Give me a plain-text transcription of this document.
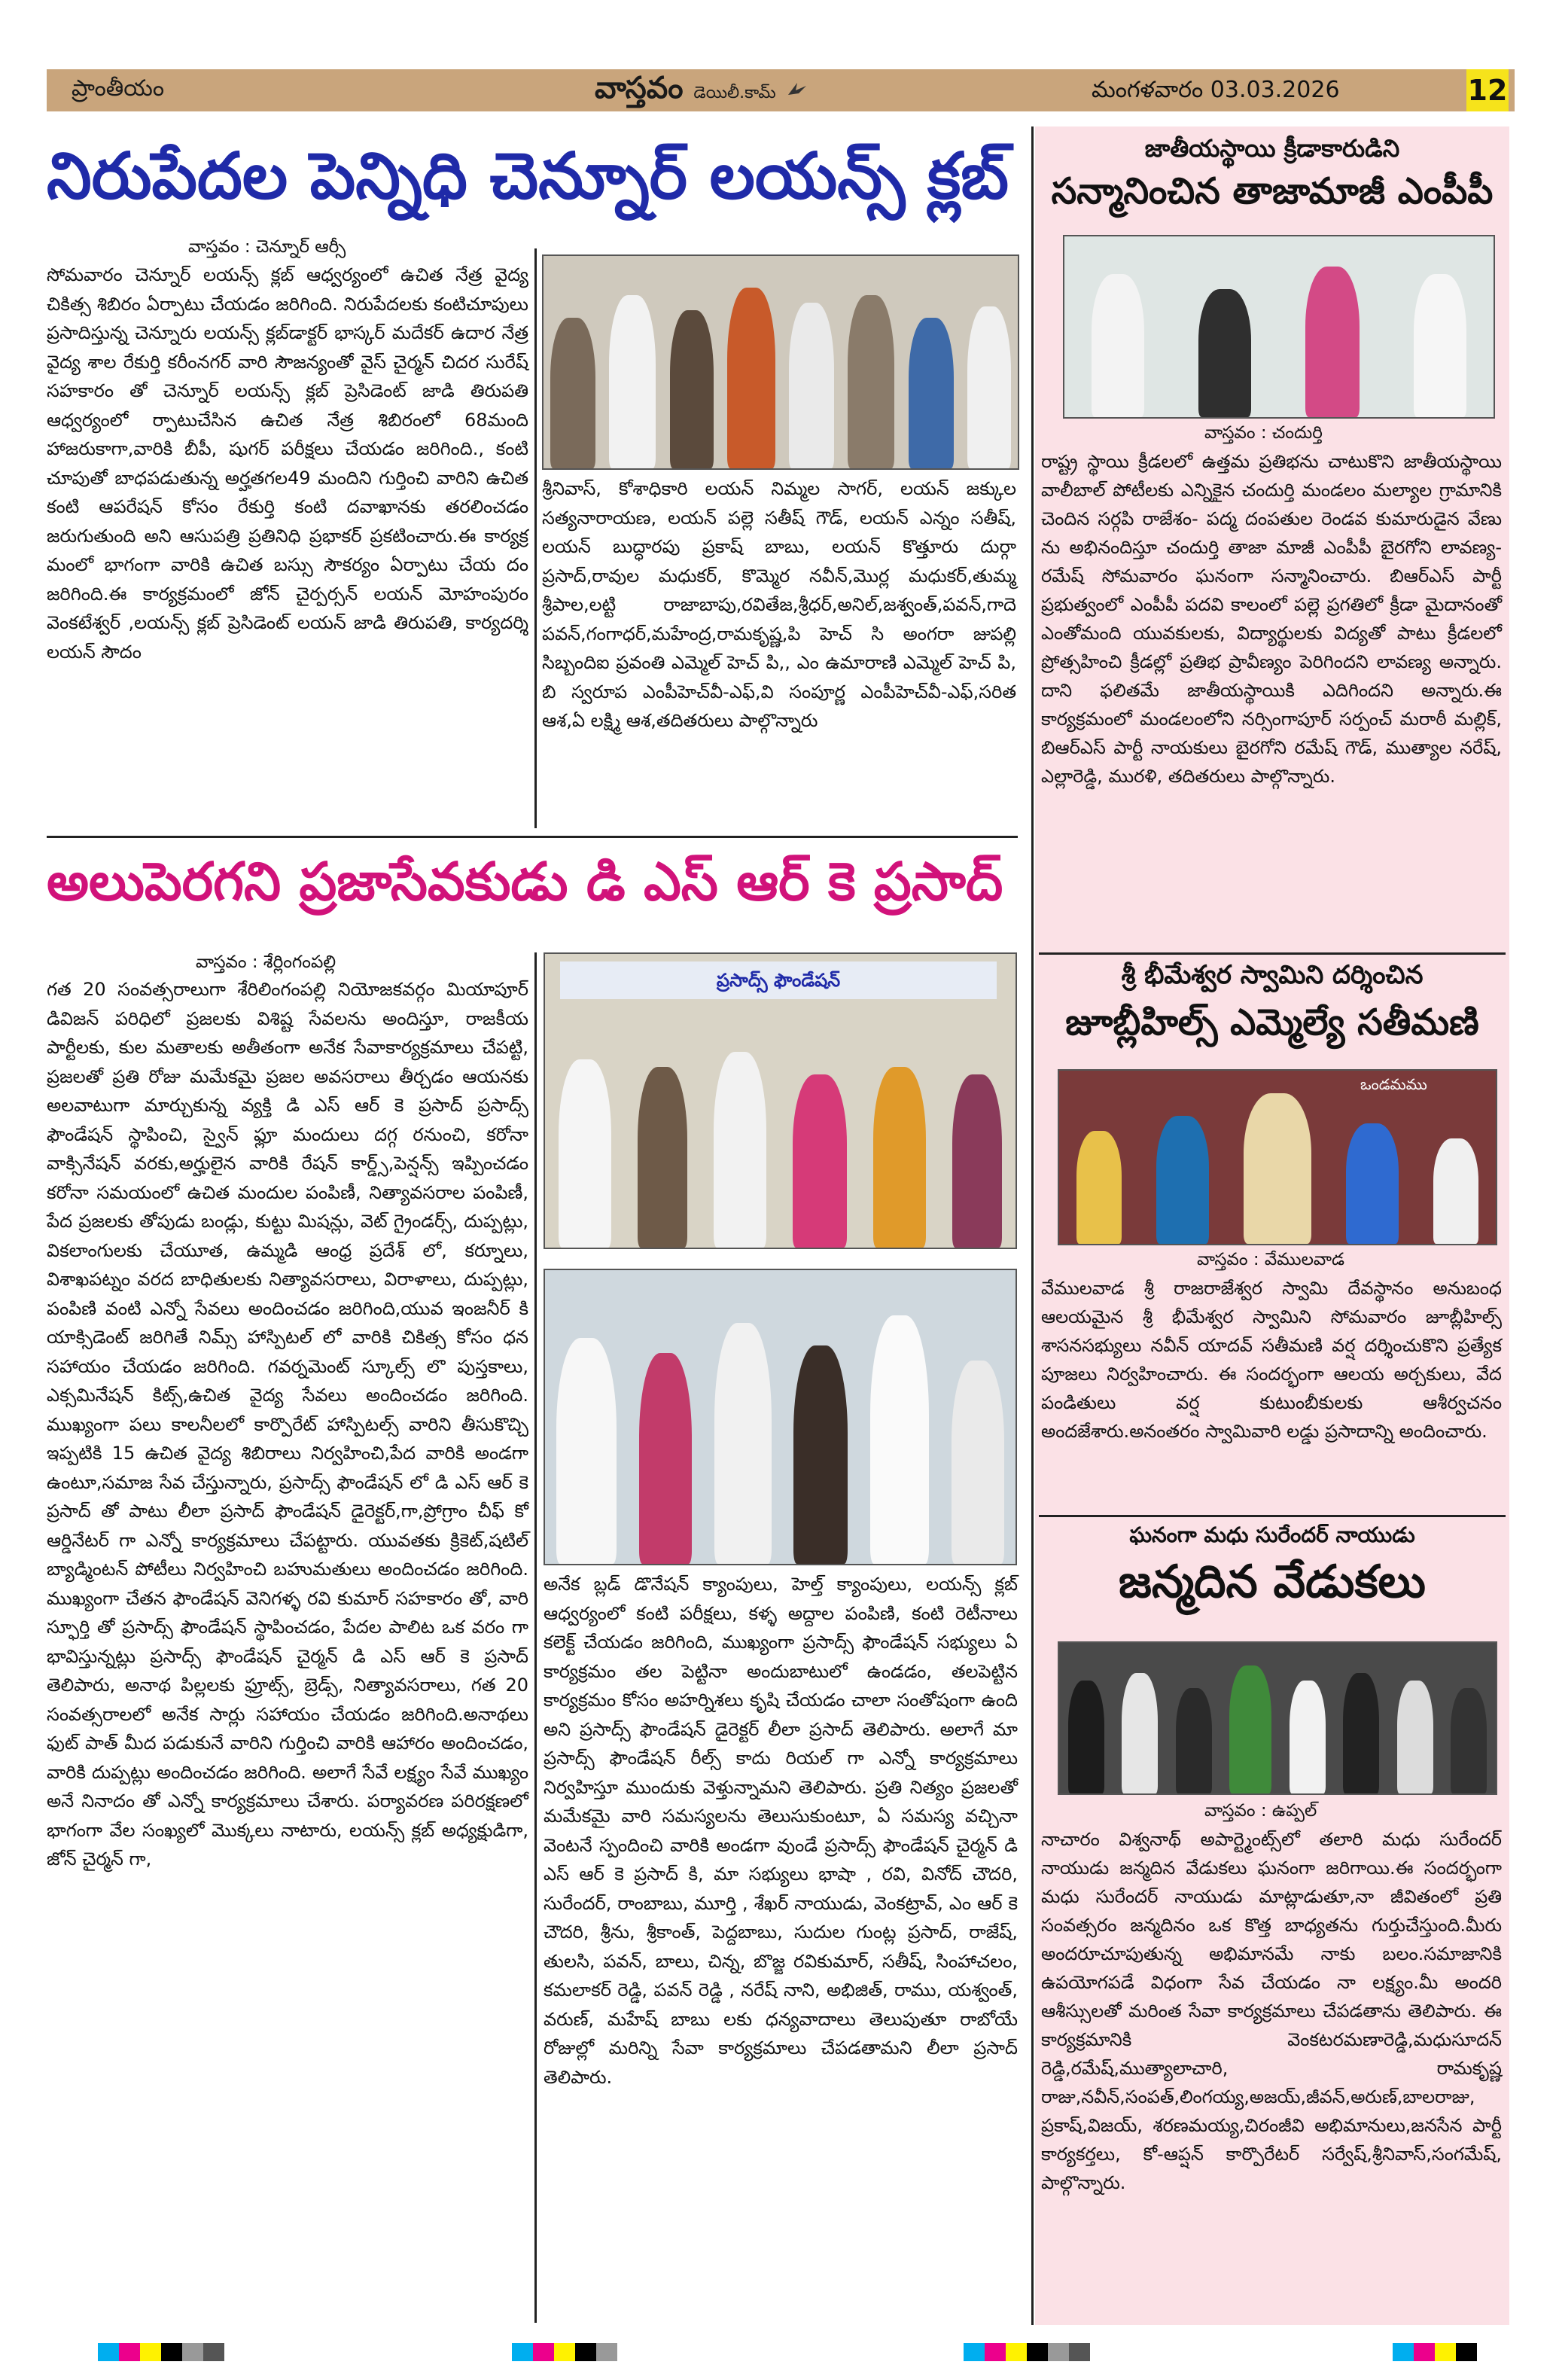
ప్రాంతీయం	వాస్తవం డెయిలీ.కామ్	మంగళవారం 03.03.2026	12
నిరుపేదల పెన్నిధి చెన్నూర్ లయన్స్ క్లబ్
వాస్తవం : చెన్నూర్ ఆర్సీ
సోమవారం చెన్నూర్ లయన్స్ క్లబ్ ఆధ్వర్యంలో ఉచిత నేత్ర వైద్య చికిత్స శిబిరం ఏర్పాటు చేయడం జరిగింది. నిరుపేదలకు కంటిచూపులు ప్రసాదిస్తున్న చెన్నూరు లయన్స్ క్లబ్‌డాక్టర్ భాస్కర్ మదేకర్ ఉదార నేత్ర వైద్య శాల రేకుర్తి కరీంనగర్ వారి సౌజన్యంతో వైస్ చైర్మన్ చిదర సురేష్ సహకారం తో చెన్నూర్ లయన్స్ క్లబ్ ప్రెసిడెంట్ జాడి తిరుపతి ఆధ్వర్యంలో ర్పాటుచేసిన ఉచిత నేత్ర శిబిరంలో 68మంది హాజరుకాగా,వారికి బీపీ, షుగర్ పరీక్షలు చేయడం జరిగింది., కంటి చూపుతో బాధపడుతున్న అర్హతగల49 మందిని గుర్తించి వారిని ఉచిత కంటి ఆపరేషన్ కోసం రేకుర్తి కంటి దవాఖానకు తరలించడం జరుగుతుంది అని ఆసుపత్రి ప్రతినిధి ప్రభాకర్ ప్రకటించారు.ఈ కార్యక్ర మంలో భాగంగా వారికి ఉచిత బస్సు సౌకర్యం ఏర్పాటు చేయ దం జరిగింది.ఈ కార్యక్రమంలో జోన్ చైర్పర్సన్ లయన్ మోహంపురం వెంకటేశ్వర్ ,లయన్స్ క్లబ్ ప్రెసిడెంట్ లయన్ జాడి తిరుపతి, కార్యదర్శి లయన్ సౌదం
శ్రీనివాస్, కోశాధికారి లయన్ నిమ్మల సాగర్, లయన్ జక్కుల సత్యనారాయణ, లయన్ పల్లె సతీష్ గౌడ్, లయన్ ఎన్నం సతీష్, లయన్ బుద్ధారపు ప్రకాష్ బాబు, లయన్ కొత్తూరు దుర్గా ప్రసాద్,రావుల మధుకర్, కొమ్మెర నవీన్,మొర్ల మధుకర్,తుమ్మ శ్రీపాల,లట్టి రాజాబాపు,రవితేజ,శ్రీధర్,అనిల్,జశ్వంత్,పవన్,గాదె పవన్,గంగాధర్,మహేంద్ర,రామకృష్ణ,పి హెచ్ సి అంగరా జుపల్లి సిబ్బందిఐ ప్రవంతి ఎమ్మెల్ హెచ్ పి,, ఎం ఉమారాణి ఎమ్మెల్ హెచ్ పి, బి స్వరూప ఎంపీహెచ్‌వీ-ఎఫ్,వి సంపూర్ణ ఎంపీహెచ్‌వీ-ఎఫ్,సరిత ఆశ,ఏ లక్ష్మి ఆశ,తదితరులు పాల్గొన్నారు
అలుపెరగని ప్రజాసేవకుడు డి ఎస్ ఆర్ కె ప్రసాద్
వాస్తవం : శేర్లింగంపల్లి
గత 20 సంవత్సరాలుగా శేరిలింగంపల్లి నియోజకవర్గం మియాపూర్ డివిజన్ పరిధిలో ప్రజలకు విశిష్ట సేవలను అందిస్తూ, రాజకీయ పార్టీలకు, కుల మతాలకు అతీతంగా అనేక సేవాకార్యక్రమాలు చేపట్టి, ప్రజలతో ప్రతి రోజు మమేకమై ప్రజల అవసరాలు తీర్చడం ఆయనకు అలవాటుగా మార్చుకున్న వ్యక్తి డి ఎస్ ఆర్ కె ప్రసాద్ ప్రసాద్స్ ఫౌండేషన్ స్థాపించి, స్వైన్ ఫ్లూ మందులు దగ్గ రనుంచి, కరోనా వాక్సినేషన్ వరకు,అర్హులైన వారికి రేషన్ కార్డ్స్,పెన్షన్స్ ఇప్పించడం కరోనా సమయంలో ఉచిత మందుల పంపిణీ, నిత్యావసరాల పంపిణీ, పేద ప్రజలకు తోపుడు బండ్లు, కుట్టు మిషన్లు, వెట్ గ్రైండర్స్, దుప్పట్లు, వికలాంగులకు చేయూత, ఉమ్మడి ఆంధ్ర ప్రదేశ్ లో, కర్నూలు, విశాఖపట్నం వరద బాధితులకు నిత్యావసరాలు, విరాళాలు, దుప్పట్లు, పంపిణి వంటి ఎన్నో సేవలు అందించడం జరిగింది,యువ ఇంజనీర్ కి యాక్సిడెంట్ జరిగితే నిమ్స్ హాస్పిటల్ లో వారికి చికిత్స కోసం ధన సహాయం చేయడం జరిగింది. గవర్నమెంట్ స్కూల్స్ లొ పుస్తకాలు, ఎక్సమినేషన్ కిట్స్,ఉచిత వైద్య సేవలు అందించడం జరిగింది. ముఖ్యంగా పలు కాలనీలలో కార్పొరేట్ హాస్పిటల్స్ వారిని తీసుకొచ్చి ఇప్పటికి 15 ఉచిత వైద్య శిబిరాలు నిర్వహించి,పేద వారికి అండగా ఉంటూ,సమాజ సేవ చేస్తున్నారు, ప్రసాద్స్ ఫౌండేషన్ లో డి ఎస్ ఆర్ కె ప్రసాద్ తో పాటు లీలా ప్రసాద్ ఫౌండేషన్ డైరెక్టర్,గా,ప్రోగ్రాం చీఫ్ కో ఆర్డినేటర్ గా ఎన్నో కార్యక్రమాలు చేపట్టారు. యువతకు క్రికెట్,షటిల్ బ్యాడ్మింటన్ పోటీలు నిర్వహించి బహుమతులు అందించడం జరిగింది. ముఖ్యంగా చేతన ఫౌండేషన్ వెనిగళ్ళ రవి కుమార్ సహకారం తో, వారి స్ఫూర్తి తో ప్రసాద్స్ ఫౌండేషన్ స్థాపించడం, పేదల పాలిట ఒక వరం గా భావిస్తున్నట్లు ప్రసాద్స్ ఫౌండేషన్ చైర్మన్ డి ఎస్ ఆర్ కె ప్రసాద్ తెలిపారు, అనాథ పిల్లలకు ఫ్రూట్స్, బ్రెడ్స్, నిత్యావసరాలు, గత 20 సంవత్సరాలలో అనేక సార్లు సహాయం చేయడం జరిగింది.అనాథలు ఫుట్ పాత్ మీద పడుకునే వారిని గుర్తించి వారికి ఆహారం అందించడం, వారికి దుప్పట్లు అందించడం జరిగింది. అలాగే సేవే లక్ష్యం సేవే ముఖ్యం అనే నినాదం తో ఎన్నో కార్యక్రమాలు చేశారు. పర్యావరణ పరిరక్షణలో భాగంగా వేల సంఖ్యలో మొక్కలు నాటారు, లయన్స్ క్లబ్ అధ్యక్షుడిగా, జోన్ చైర్మన్ గా,
ప్రసాద్స్ ఫౌండేషన్
అనేక బ్లడ్ డొనేషన్ క్యాంపులు, హెల్త్ క్యాంపులు, లయన్స్ క్లబ్ ఆధ్వర్యంలో కంటి పరీక్షలు, కళ్ళ అద్దాల పంపిణి, కంటి రెటీనాలు కలెక్ట్ చేయడం జరిగింది, ముఖ్యంగా ప్రసాద్స్ ఫౌండేషన్ సభ్యులు ఏ కార్యక్రమం తల పెట్టినా అందుబాటులో ఉండడం, తలపెట్టిన కార్యక్రమం కోసం అహర్నిశలు కృషి చేయడం చాలా సంతోషంగా ఉంది అని ప్రసాద్స్ ఫౌండేషన్ డైరెక్టర్ లీలా ప్రసాద్ తెలిపారు. అలాగే మా ప్రసాద్స్ ఫౌండేషన్ రీల్స్ కాదు రియల్ గా ఎన్నో కార్యక్రమాలు నిర్వహిస్తూ ముందుకు వెళ్తున్నామని తెలిపారు. ప్రతి నిత్యం ప్రజలతో మమేకమై వారి సమస్యలను తెలుసుకుంటూ, ఏ సమస్య వచ్చినా వెంటనే స్పందించి వారికి అండగా వుండే ప్రసాద్స్ ఫౌండేషన్ చైర్మన్ డి ఎస్ ఆర్ కె ప్రసాద్ కి, మా సభ్యులు భాషా , రవి, వినోద్ చౌదరి, సురేందర్, రాంబాబు, మూర్తి , శేఖర్ నాయుడు, వెంకట్రావ్, ఎం ఆర్ కె చౌదరి, శ్రీను, శ్రీకాంత్, పెద్దబాబు, సుదుల గుంట్ల ప్రసాద్, రాజేష్, తులసి, పవన్, బాలు, చిన్న, బొజ్జ రవికుమార్, సతీష్, సింహాచలం, కమలాకర్ రెడ్డి, పవన్ రెడ్డి , నరేష్ నాని, అభిజిత్, రాము, యశ్వంత్, వరుణ్, మహేష్ బాబు లకు ధన్యవాదాలు తెలుపుతూ రాబోయే రోజుల్లో మరిన్ని సేవా కార్యక్రమాలు చేపడతామని లీలా ప్రసాద్ తెలిపారు.
జాతీయస్థాయి క్రీడాకారుడిని
సన్మానించిన తాజామాజీ ఎంపీపీ
వాస్తవం : చందుర్తి
రాష్ట్ర స్థాయి క్రీడలలో ఉత్తమ ప్రతిభను చాటుకొని జాతీయస్థాయి వాలీబాల్ పోటీలకు ఎన్నికైన చందుర్తి మండలం మల్యాల గ్రామానికి చెందిన సర్గపి రాజేశం- పద్మ దంపతుల రెండవ కుమారుడైన వేణు ను అభినందిస్తూ చందుర్తి తాజా మాజీ ఎంపీపీ బైరగోని లావణ్య-రమేష్ సోమవారం ఘనంగా సన్మానించారు. బిఆర్ఎస్ పార్టీ ప్రభుత్వంలో ఎంపీపీ పదవి కాలంలో పల్లె ప్రగతిలో క్రీడా మైదానంతో ఎంతోమంది యువకులకు, విద్యార్థులకు విద్యతో పాటు క్రీడలలో ప్రోత్సహించి క్రీడల్లో ప్రతిభ ప్రావీణ్యం పెరిగిందని లావణ్య అన్నారు. దాని ఫలితమే జాతీయస్థాయికి ఎదిగిందని అన్నారు.ఈ కార్యక్రమంలో మండలంలోని నర్సింగాపూర్ సర్పంచ్ మరాఠీ మల్లిక్, బిఆర్ఎస్ పార్టీ నాయకులు బైరగోని రమేష్ గౌడ్, ముత్యాల నరేష్, ఎల్లారెడ్డి, మురళి, తదితరులు పాల్గొన్నారు.
శ్రీ భీమేశ్వర స్వామిని దర్శించిన
జూబ్లీహిల్స్ ఎమ్మెల్యే సతీమణి
ఒండమము
వాస్తవం : వేములవాడ
వేములవాడ శ్రీ రాజరాజేశ్వర స్వామి దేవస్థానం అనుబంధ ఆలయమైన శ్రీ భీమేశ్వర స్వామిని సోమవారం జూబ్లీహిల్స్ శాసనసభ్యులు నవీన్ యాదవ్ సతీమణి వర్ష దర్శించుకొని ప్రత్యేక పూజలు నిర్వహించారు. ఈ సందర్భంగా ఆలయ అర్చకులు, వేద పండితులు వర్ష కుటుంబీకులకు ఆశీర్వచనం అందజేశారు.అనంతరం స్వామివారి లడ్డు ప్రసాదాన్ని అందించారు.
ఘనంగా మధు సురేందర్ నాయుడు
జన్మదిన వేడుకలు
వాస్తవం : ఉప్పల్
నాచారం విశ్వనాథ్ అపార్ట్మెంట్స్‌లో తలారి మధు సురేందర్ నాయుడు జన్మదిన వేడుకలు ఘనంగా జరిగాయి.ఈ సందర్భంగా మధు సురేందర్ నాయుడు మాట్లాడుతూ,నా జీవితంలో ప్రతి సంవత్సరం జన్మదినం ఒక కొత్త బాధ్యతను గుర్తుచేస్తుంది.మీరు అందరూచూపుతున్న అభిమానమే నాకు బలం.సమాజానికి ఉపయోగపడే విధంగా సేవ చేయడం నా లక్ష్యం.మీ అందరి ఆశీస్సులతో మరింత సేవా కార్యక్రమాలు చేపడతాను తెలిపారు. ఈ కార్యక్రమానికి వెంకటరమణారెడ్డి,మధుసూదన్ రెడ్డి,రమేష్,ముత్యాలాచారి, రామకృష్ణ రాజు,నవీన్,సంపత్,లింగయ్య,అజయ్,జీవన్,అరుణ్,బాలరాజు, ప్రకాష్,విజయ్, శరణమయ్య,చిరంజీవి అభిమానులు,జనసేన పార్టీ కార్యకర్తలు, కో-ఆప్షన్ కార్పొరేటర్ సర్వేష్,శ్రీనివాస్,సంగమేష్, పాల్గొన్నారు.
